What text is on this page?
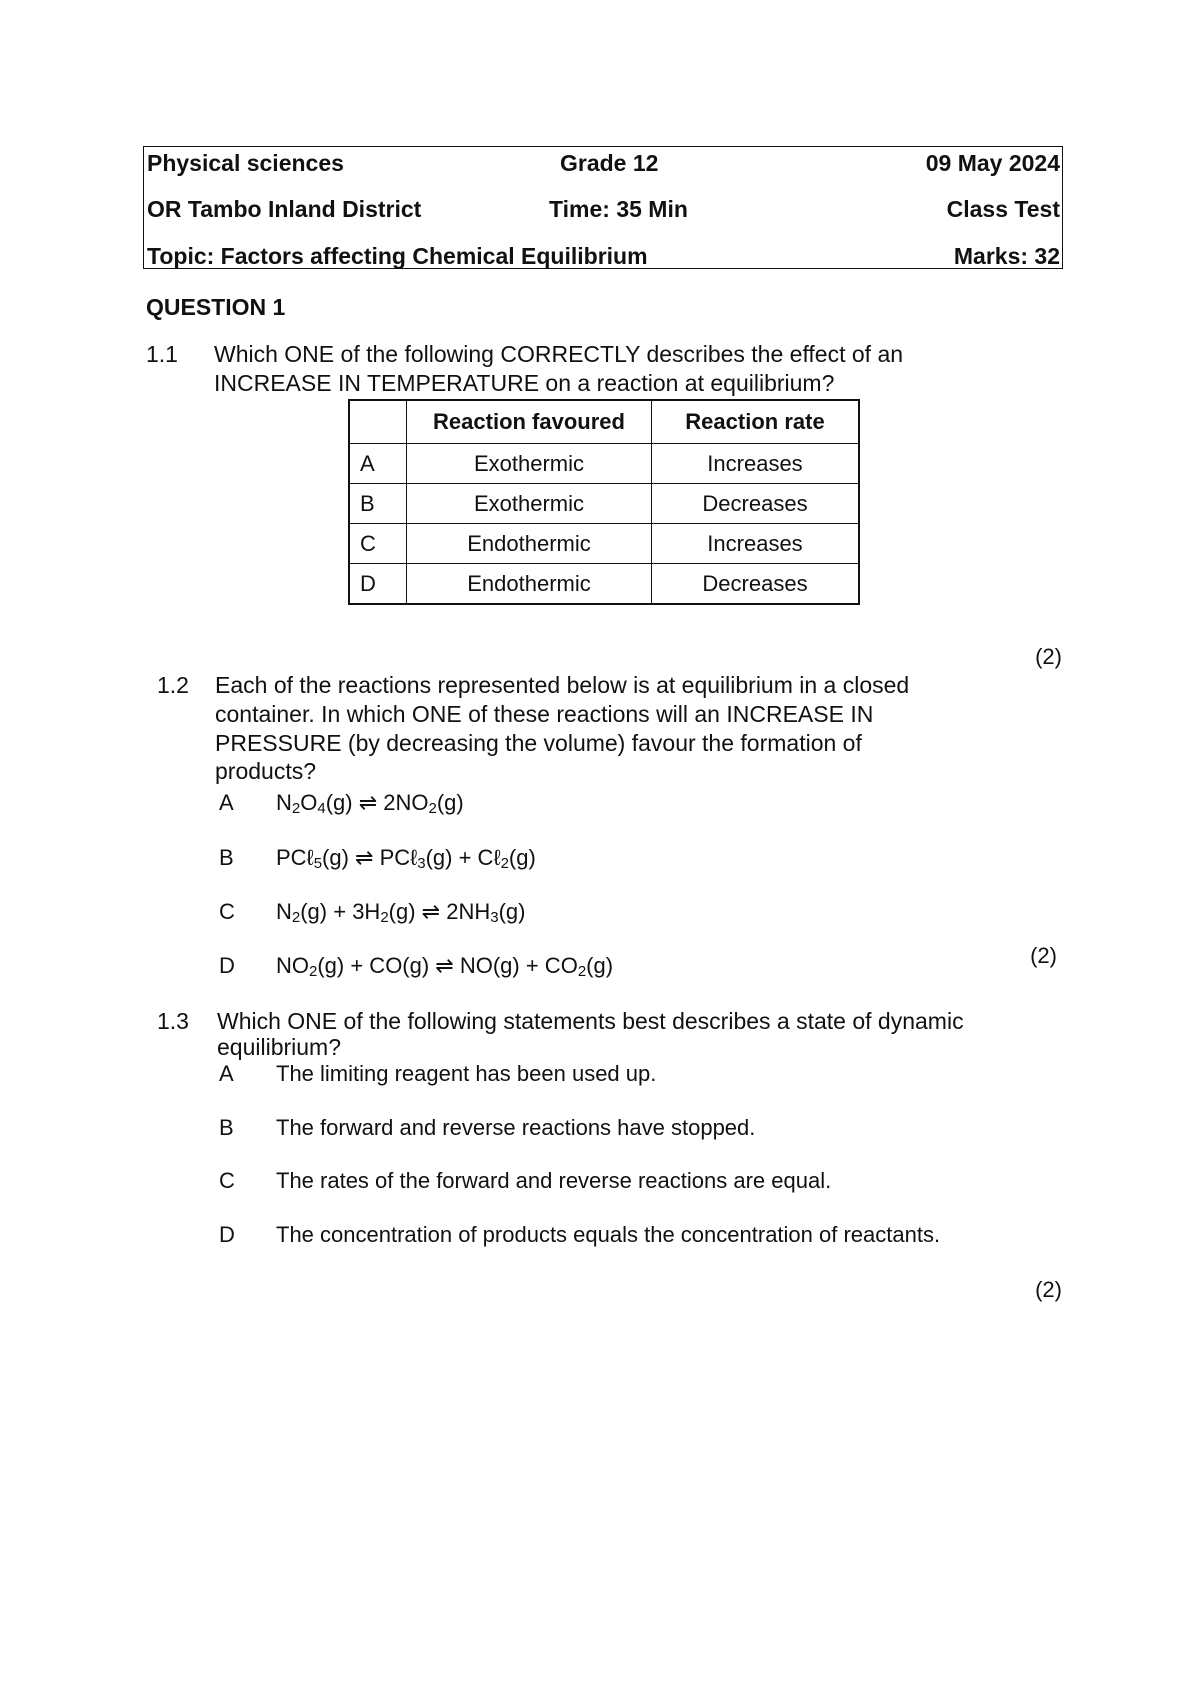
Physical sciences	Grade 12	09 May 2024
OR Tambo Inland District	Time: 35 Min	Class Test
Topic: Factors affecting Chemical Equilibrium	Marks: 32
QUESTION 1
1.1 Which ONE of the following CORRECTLY describes the effect of an
INCREASE IN TEMPERATURE on a reaction at equilibrium?
	Reaction favoured	Reaction rate
A	Exothermic	Increases
B	Exothermic	Decreases
C	Endothermic	Increases
D	Endothermic	Decreases
(2)
1.2 Each of the reactions represented below is at equilibrium in a closed
container. In which ONE of these reactions will an INCREASE IN
PRESSURE (by decreasing the volume) favour the formation of
products?
A $N_2O_4(g)$ ⇌ $2NO_2(g)$
B PCℓ$_5$(g) ⇌ PCℓ$_3$(g) + Cℓ$_2$(g)
C $N_2(g) + 3H_2(g)$ ⇌ $2NH_3(g)$
D $NO_2(g) + CO(g)$ ⇌ $NO(g) + CO_2(g)$	(2)
1.3 Which ONE of the following statements best describes a state of dynamic
equilibrium?
A The limiting reagent has been used up.
B The forward and reverse reactions have stopped.
C The rates of the forward and reverse reactions are equal.
D The concentration of products equals the concentration of reactants.
(2)
